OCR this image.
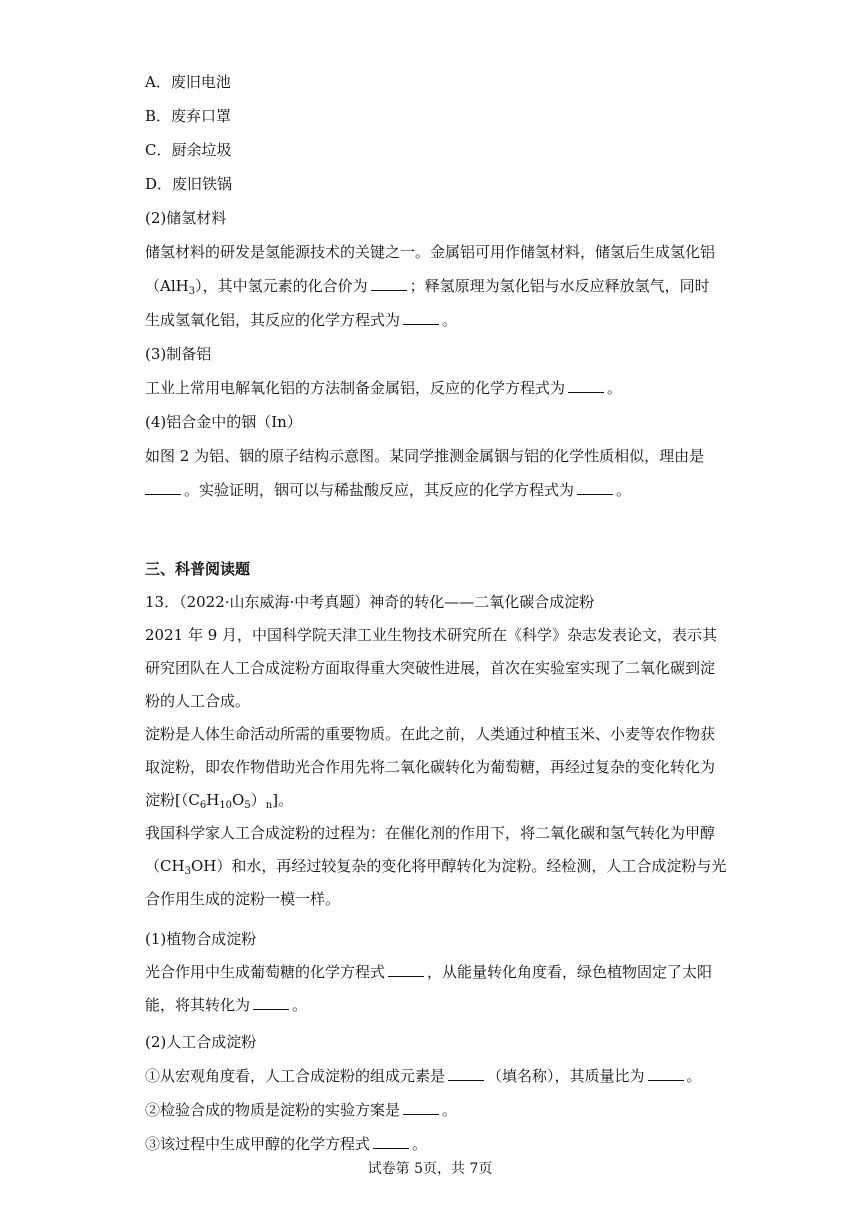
A．废旧电池
B．废弃口罩
C．厨余垃圾
D．废旧铁锅
(2)储氢材料
储氢材料的研发是氢能源技术的关键之一。金属铝可用作储氢材料，储氢后生成氢化铝
（AlH$_3$），其中氢元素的化合价为	；释氢原理为氢化铝与水反应释放氢气，同时
生成氢氧化铝，其反应的化学方程式为	。
(3)制备铝
工业上常用电解氧化铝的方法制备金属铝，反应的化学方程式为	。
(4)铝合金中的铟（In）
如图 2 为铝、铟的原子结构示意图。某同学推测金属铟与铝的化学性质相似，理由是
。实验证明，铟可以与稀盐酸反应，其反应的化学方程式为	。
三、科普阅读题
13．（2022·山东威海·中考真题）神奇的转化——二氧化碳合成淀粉
2021 年 9 月，中国科学院天津工业生物技术研究所在《科学》杂志发表论文，表示其
研究团队在人工合成淀粉方面取得重大突破性进展，首次在实验室实现了二氧化碳到淀
粉的人工合成。
淀粉是人体生命活动所需的重要物质。在此之前，人类通过种植玉米、小麦等农作物获
取淀粉，即农作物借助光合作用先将二氧化碳转化为葡萄糖，再经过复杂的变化转化为
淀粉$[(C_6H_{10}O_5)_n]$。
我国科学家人工合成淀粉的过程为：在催化剂的作用下，将二氧化碳和氢气转化为甲醇
$(CH_3OH)$和水，再经过较复杂的变化将甲醇转化为淀粉。经检测，人工合成淀粉与光
合作用生成的淀粉一模一样。
(1)植物合成淀粉
光合作用中生成葡萄糖的化学方程式	，从能量转化角度看，绿色植物固定了太阳
能，将其转化为	。
(2)人工合成淀粉
①从宏观角度看，人工合成淀粉的组成元素是	（填名称），其质量比为	。
②检验合成的物质是淀粉的实验方案是	。
③该过程中生成甲醇的化学方程式	。
试卷第 5页，共 7页
